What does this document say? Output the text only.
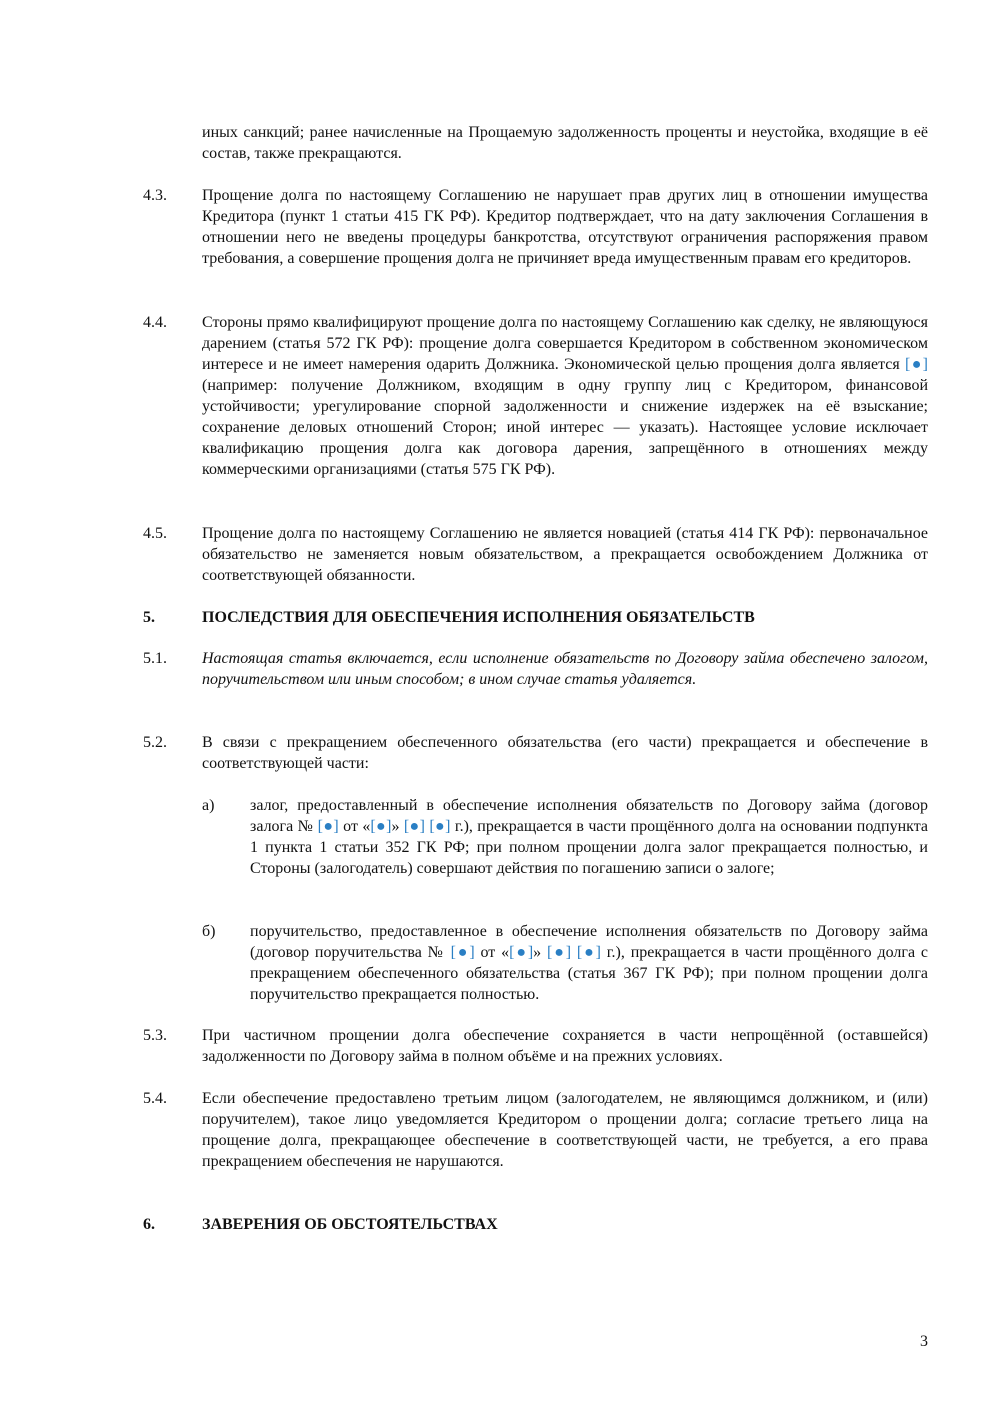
иных санкций; ранее начисленные на Прощаемую задолженность проценты и неустойка, входящие в её состав, также прекращаются.
4.3.	Прощение долга по настоящему Соглашению не нарушает прав других лиц в отношении имущества Кредитора (пункт 1 статьи 415 ГК РФ). Кредитор подтверждает, что на дату заключения Соглашения в отношении него не введены процедуры банкротства, отсутствуют ограничения распоряжения правом требования, а совершение прощения долга не причиняет вреда имущественным правам его кредиторов.
4.4.	Стороны прямо квалифицируют прощение долга по настоящему Соглашению как сделку, не являющуюся дарением (статья 572 ГК РФ): прощение долга совершается Кредитором в собственном экономическом интересе и не имеет намерения одарить Должника. Экономической целью прощения долга является [●] (например: получение Должником, входящим в одну группу лиц с Кредитором, финансовой устойчивости; урегулирование спорной задолженности и снижение издержек на её взыскание; сохранение деловых отношений Сторон; иной интерес — указать). Настоящее условие исключает квалификацию прощения долга как договора дарения, запрещённого в отношениях между коммерческими организациями (статья 575 ГК РФ).
4.5.	Прощение долга по настоящему Соглашению не является новацией (статья 414 ГК РФ): первоначальное обязательство не заменяется новым обязательством, а прекращается освобождением Должника от соответствующей обязанности.
5.	ПОСЛЕДСТВИЯ ДЛЯ ОБЕСПЕЧЕНИЯ ИСПОЛНЕНИЯ ОБЯЗАТЕЛЬСТВ
5.1.	Настоящая статья включается, если исполнение обязательств по Договору займа обеспечено залогом, поручительством или иным способом; в ином случае статья удаляется.
5.2.	В связи с прекращением обеспеченного обязательства (его части) прекращается и обеспечение в соответствующей части:
а)	залог, предоставленный в обеспечение исполнения обязательств по Договору займа (договор залога № [●] от «[●]» [●] [●] г.), прекращается в части прощённого долга на основании подпункта 1 пункта 1 статьи 352 ГК РФ; при полном прощении долга залог прекращается полностью, и Стороны (залогодатель) совершают действия по погашению записи о залоге;
б)	поручительство, предоставленное в обеспечение исполнения обязательств по Договору займа (договор поручительства № [●] от «[●]» [●] [●] г.), прекращается в части прощённого долга с прекращением обеспеченного обязательства (статья 367 ГК РФ); при полном прощении долга поручительство прекращается полностью.
5.3.	При частичном прощении долга обеспечение сохраняется в части непрощённой (оставшейся) задолженности по Договору займа в полном объёме и на прежних условиях.
5.4.	Если обеспечение предоставлено третьим лицом (залогодателем, не являющимся должником, и (или) поручителем), такое лицо уведомляется Кредитором о прощении долга; согласие третьего лица на прощение долга, прекращающее обеспечение в соответствующей части, не требуется, а его права прекращением обеспечения не нарушаются.
6.	ЗАВЕРЕНИЯ ОБ ОБСТОЯТЕЛЬСТВАХ
3
